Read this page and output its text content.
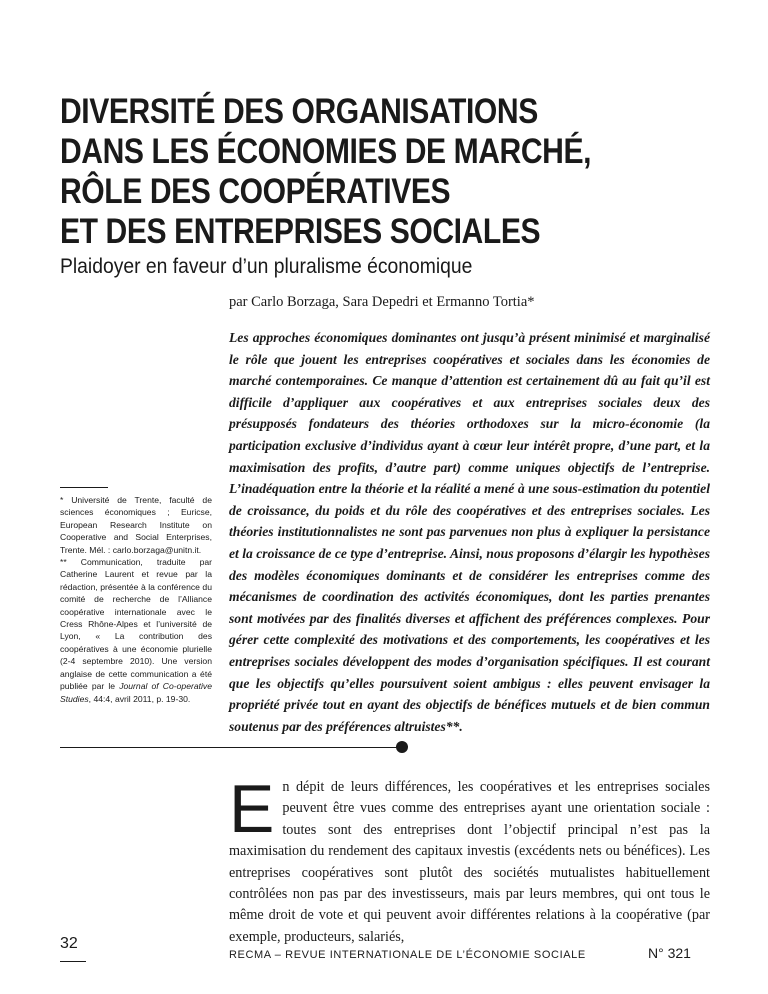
DIVERSITÉ DES ORGANISATIONS
DANS LES ÉCONOMIES DE MARCHÉ,
RÔLE DES COOPÉRATIVES
ET DES ENTREPRISES SOCIALES
Plaidoyer en faveur d’un pluralisme économique
par Carlo Borzaga, Sara Depedri et Ermanno Tortia*

Les approches économiques dominantes ont jusqu’à présent minimisé et marginalisé le rôle que jouent les entreprises coopératives et sociales dans les économies de marché contemporaines. Ce manque d’attention est certainement dû au fait qu’il est difficile d’appliquer aux coopératives et aux entreprises sociales deux des présupposés fondateurs des théories orthodoxes sur la micro-économie (la participation exclusive d’individus ayant à cœur leur intérêt propre, d’une part, et la maximisation des profits, d’autre part) comme uniques objectifs de l’entreprise. L’inadéquation entre la théorie et la réalité a mené à une sous-estimation du potentiel de croissance, du poids et du rôle des coopératives et des entreprises sociales. Les théories institutionnalistes ne sont pas parvenues non plus à expliquer la persistance et la croissance de ce type d’entreprise. Ainsi, nous proposons d’élargir les hypothèses des modèles économiques dominants et de considérer les entreprises comme des mécanismes de coordination des activités économiques, dont les parties prenantes sont motivées par des finalités diverses et affichent des préférences complexes. Pour gérer cette complexité des motivations et des comportements, les coopératives et les entreprises sociales développent des modes d’organisation spécifiques. Il est courant que les objectifs qu’elles poursuivent soient ambigus : elles peuvent envisager la propriété privée tout en ayant des objectifs de bénéfices mutuels et de bien commun soutenus par des préférences altruistes**.

* Université de Trente, faculté de sciences économiques ; Euricse, European Research Institute on Cooperative and Social Enterprises, Trente. Mél. : carlo.borzaga@unitn.it.

** Communication, traduite par Catherine Laurent et revue par la rédaction, présentée à la conférence du comité de recherche de l’Alliance coopérative internationale avec le Cress Rhône-Alpes et l’université de Lyon, « La contribution des coopératives à une économie plurielle (2-4 septembre 2010). Une version anglaise de cette communication a été publiée par le Journal of Co-operative Studies, 44:4, avril 2011, p. 19-30.

En dépit de leurs différences, les coopératives et les entreprises sociales peuvent être vues comme des entreprises ayant une orientation sociale : toutes sont des entreprises dont l’objectif principal n’est pas la maximisation du rendement des capitaux investis (excédents nets ou bénéfices). Les entreprises coopératives sont plutôt des sociétés mutualistes habituellement contrôlées non pas par des investisseurs, mais par leurs membres, qui ont tous le même droit de vote et qui peuvent avoir différentes relations à la coopérative (par exemple, producteurs, salariés,

32
RECMA – REVUE INTERNATIONALE DE L’ÉCONOMIE SOCIALE	N° 321
